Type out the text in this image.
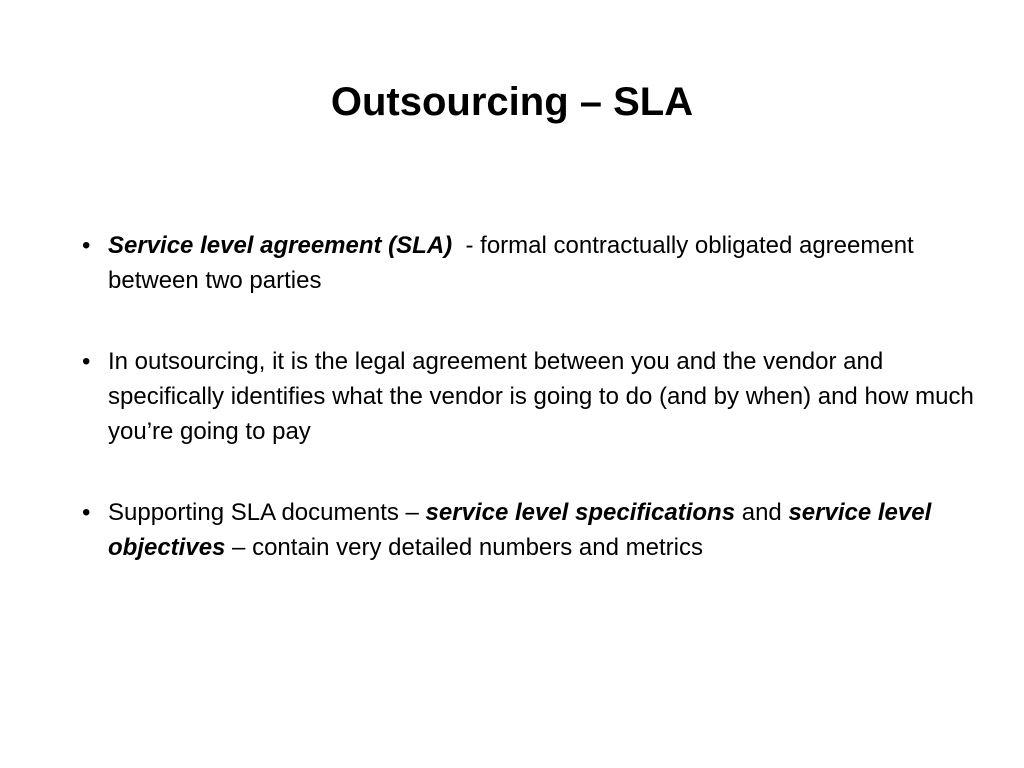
Outsourcing – SLA
• Service level agreement (SLA)  - formal contractually obligated agreement between two parties
• In outsourcing, it is the legal agreement between you and the vendor and specifically identifies what the vendor is going to do (and by when) and how much you’re going to pay
• Supporting SLA documents – service level specifications and service level objectives – contain very detailed numbers and metrics
